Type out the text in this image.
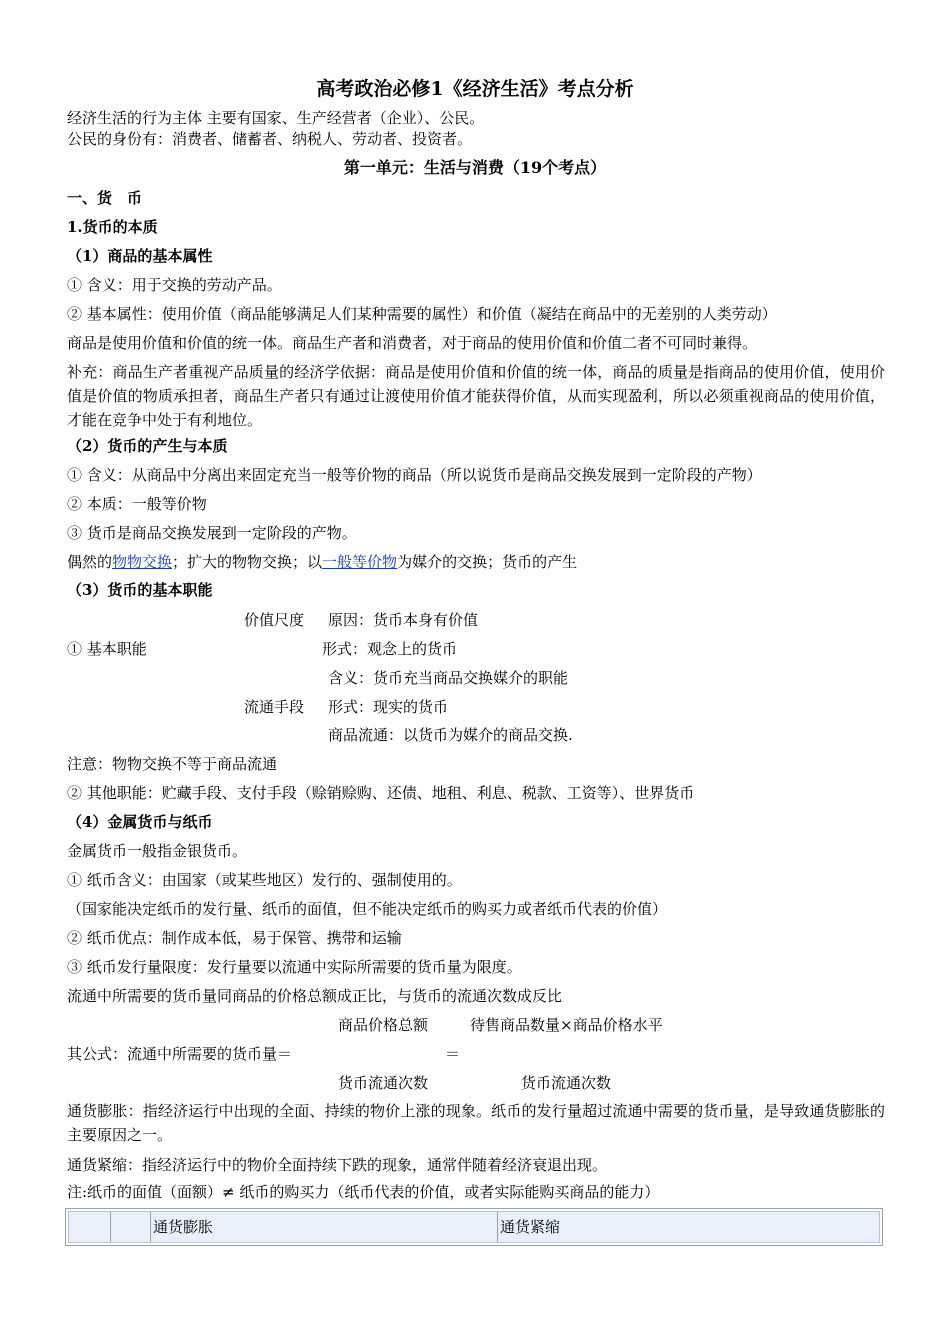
高考政治必修1《经济生活》考点分析
经济生活的行为主体 主要有国家、生产经营者（企业）、公民。
公民的身份有：消费者、储蓄者、纳税人、劳动者、投资者。
第一单元：生活与消费（19个考点）
一、货　币
1.货币的本质
（1）商品的基本属性
① 含义：用于交换的劳动产品。
② 基本属性：使用价值（商品能够满足人们某种需要的属性）和价值（凝结在商品中的无差别的人类劳动）
商品是使用价值和价值的统一体。商品生产者和消费者，对于商品的使用价值和价值二者不可同时兼得。
补充：商品生产者重视产品质量的经济学依据：商品是使用价值和价值的统一体，商品的质量是指商品的使用价值，使用价值是价值的物质承担者，商品生产者只有通过让渡使用价值才能获得价值，从而实现盈利，所以必须重视商品的使用价值，才能在竞争中处于有利地位。
（2）货币的产生与本质
① 含义：从商品中分离出来固定充当一般等价物的商品（所以说货币是商品交换发展到一定阶段的产物）
② 本质：一般等价物
③ 货币是商品交换发展到一定阶段的产物。
偶然的物物交换；扩大的物物交换；以一般等价物为媒介的交换；货币的产生
（3）货币的基本职能
价值尺度 原因：货币本身有价值
① 基本职能	形式：观念上的货币
含义：货币充当商品交换媒介的职能
流通手段 形式：现实的货币
商品流通：以货币为媒介的商品交换.
注意：物物交换不等于商品流通
② 其他职能：贮藏手段、支付手段（赊销赊购、还债、地租、利息、税款、工资等）、世界货币
（4）金属货币与纸币
金属货币一般指金银货币。
① 纸币含义：由国家（或某些地区）发行的、强制使用的。
（国家能决定纸币的发行量、纸币的面值，但不能决定纸币的购买力或者纸币代表的价值）
② 纸币优点：制作成本低，易于保管、携带和运输
③ 纸币发行量限度：发行量要以流通中实际所需要的货币量为限度。
流通中所需要的货币量同商品的价格总额成正比，与货币的流通次数成反比
商品价格总额	待售商品数量×商品价格水平
其公式：流通中所需要的货币量＝	＝
货币流通次数	货币流通次数
通货膨胀：指经济运行中出现的全面、持续的物价上涨的现象。纸币的发行量超过流通中需要的货币量，是导致通货膨胀的主要原因之一。
通货紧缩：指经济运行中的物价全面持续下跌的现象，通常伴随着经济衰退出现。
注:纸币的面值（面额）≠ 纸币的购买力（纸币代表的价值，或者实际能购买商品的能力）
通货膨胀	通货紧缩
